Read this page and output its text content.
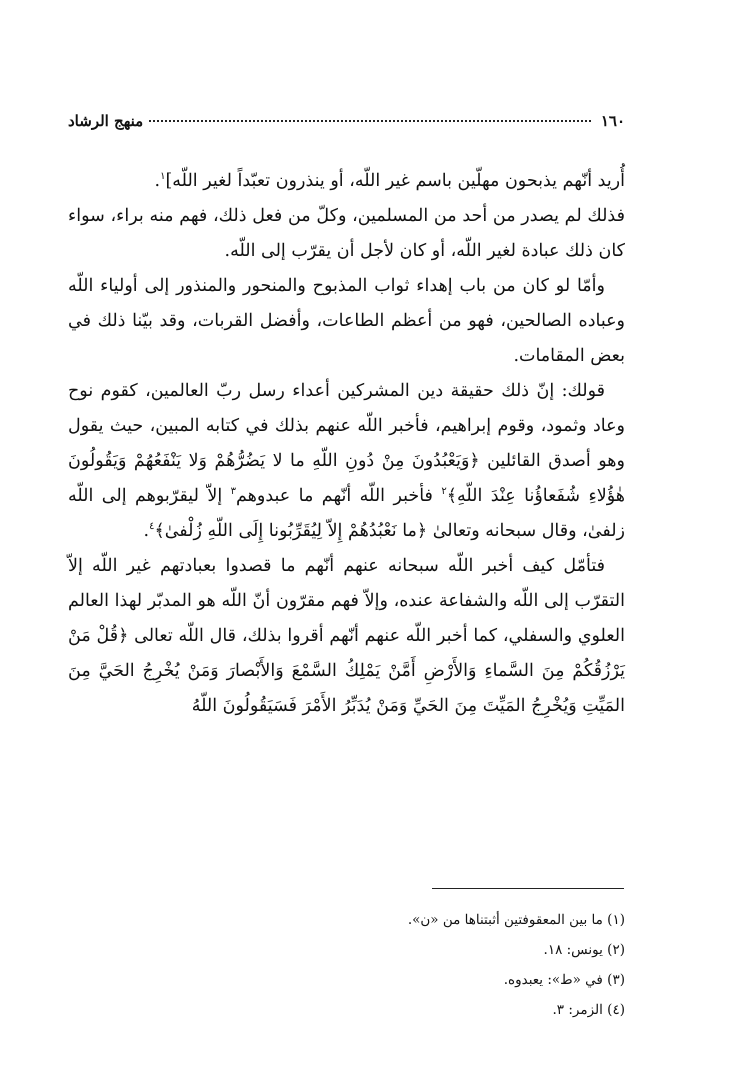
١٦٠
منهج الرشاد

أُريد أنّهم يذبحون مهلّين باسم غير اللّه، أو ينذرون تعبّداً لغير اللّه]$^١$.

فذلك لم يصدر من أحد من المسلمين، وكلّ من فعل ذلك، فهم منه براء، سواء كان ذلك عبادة لغير اللّه، أو كان لأجل أن يقرّب إلى اللّه.

وأمّا لو كان من باب إهداء ثواب المذبوح والمنحور والمنذور إلى أولياء اللّه وعباده الصالحين، فهو من أعظم الطاعات، وأفضل القربات، وقد بيّنا ذلك في بعض المقامات.

قولك: إنّ ذلك حقيقة دين المشركين أعداء رسل ربّ العالمين، كقوم نوح وعاد وثمود، وقوم إبراهيم، فأخبر اللّه عنهم بذلك في كتابه المبين، حيث يقول وهو أصدق القائلين ﴿وَيَعْبُدُونَ مِنْ دُونِ اللّهِ ما لا يَضُرُّهُمْ وَلا يَنْفَعُهُمْ وَيَقُولُونَ هٰؤُلاءِ شُفَعاؤُنا عِنْدَ اللّهِ﴾$^٢$ فأخبر اللّه أنّهم ما عبدوهم$^٣$ إلاّ ليقرّبوهم إلى اللّه زلفىٰ، وقال سبحانه وتعالىٰ ﴿ما نَعْبُدُهُمْ إِلاّ لِيُقَرِّبُونا إِلَى اللّهِ زُلْفىٰ﴾$^٤$.

فتأمّل كيف أخبر اللّه سبحانه عنهم أنّهم ما قصدوا بعبادتهم غير اللّه إلاّ التقرّب إلى اللّه والشفاعة عنده، وإلاّ فهم مقرّون أنّ اللّه هو المدبّر لهذا العالم العلوي والسفلي، كما أخبر اللّه عنهم أنّهم أقروا بذلك، قال اللّه تعالى ﴿قُلْ مَنْ يَرْزُقُكُمْ مِنَ السَّماءِ وَالأَرْضِ أَمَّنْ يَمْلِكُ السَّمْعَ وَالأَبْصارَ وَمَنْ يُخْرِجُ الحَيَّ مِنَ المَيِّتِ وَيُخْرِجُ المَيِّتَ مِنَ الحَيِّ وَمَنْ يُدَبِّرُ الأَمْرَ فَسَيَقُولُونَ اللّهُ

(١) ما بين المعقوفتين أثبتناها من «ن».

(٢) يونس: ١٨.

(٣) في «ط»: يعبدوه.

(٤) الزمر: ٣.
